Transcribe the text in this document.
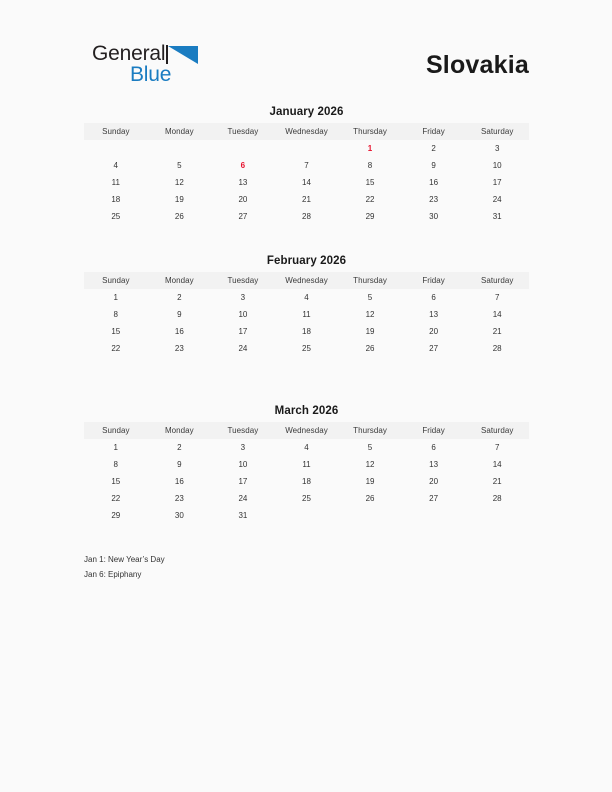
General
Blue	Slovakia
January 2026
Sunday	Monday	Tuesday	Wednesday	Thursday	Friday	Saturday
				1	2	3
4	5	6	7	8	9	10
11	12	13	14	15	16	17
18	19	20	21	22	23	24
25	26	27	28	29	30	31
February 2026
Sunday	Monday	Tuesday	Wednesday	Thursday	Friday	Saturday
1	2	3	4	5	6	7
8	9	10	11	12	13	14
15	16	17	18	19	20	21
22	23	24	25	26	27	28
March 2026
Sunday	Monday	Tuesday	Wednesday	Thursday	Friday	Saturday
1	2	3	4	5	6	7
8	9	10	11	12	13	14
15	16	17	18	19	20	21
22	23	24	25	26	27	28
29	30	31				
Jan 1: New Year’s Day
Jan 6: Epiphany
